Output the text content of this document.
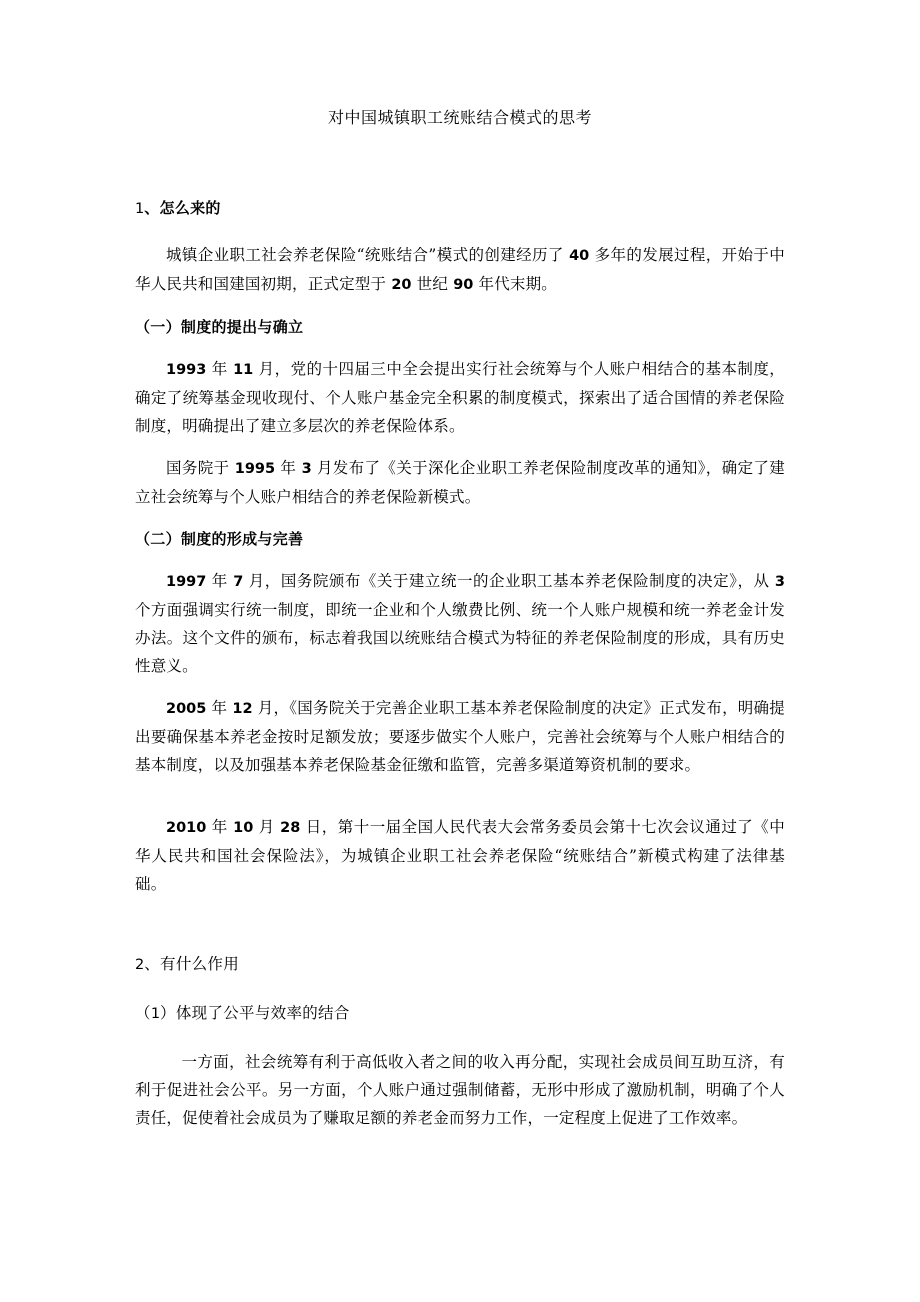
对中国城镇职工统账结合模式的思考
1、怎么来的

城镇企业职工社会养老保险“统账结合”模式的创建经历了 40 多年的发展过程，开始于中华人民共和国建国初期，正式定型于 20 世纪 90 年代末期。

（一）制度的提出与确立

1993 年 11 月，党的十四届三中全会提出实行社会统筹与个人账户相结合的基本制度，确定了统筹基金现收现付、个人账户基金完全积累的制度模式，探索出了适合国情的养老保险制度，明确提出了建立多层次的养老保险体系。

国务院于 1995 年 3 月发布了《关于深化企业职工养老保险制度改革的通知》，确定了建立社会统筹与个人账户相结合的养老保险新模式。

（二）制度的形成与完善

1997 年 7 月，国务院颁布《关于建立统一的企业职工基本养老保险制度的决定》，从 3 个方面强调实行统一制度，即统一企业和个人缴费比例、统一个人账户规模和统一养老金计发办法。这个文件的颁布，标志着我国以统账结合模式为特征的养老保险制度的形成，具有历史性意义。

2005 年 12 月，《国务院关于完善企业职工基本养老保险制度的决定》正式发布，明确提出要确保基本养老金按时足额发放；要逐步做实个人账户，完善社会统筹与个人账户相结合的基本制度，以及加强基本养老保险基金征缴和监管，完善多渠道筹资机制的要求。

2010 年 10 月 28 日，第十一届全国人民代表大会常务委员会第十七次会议通过了《中华人民共和国社会保险法》，为城镇企业职工社会养老保险“统账结合”新模式构建了法律基础。

2、有什么作用
（1）体现了公平与效率的结合

一方面，社会统筹有利于高低收入者之间的收入再分配，实现社会成员间互助互济，有利于促进社会公平。另一方面，个人账户通过强制储蓄，无形中形成了激励机制，明确了个人责任，促使着社会成员为了赚取足额的养老金而努力工作，一定程度上促进了工作效率。
